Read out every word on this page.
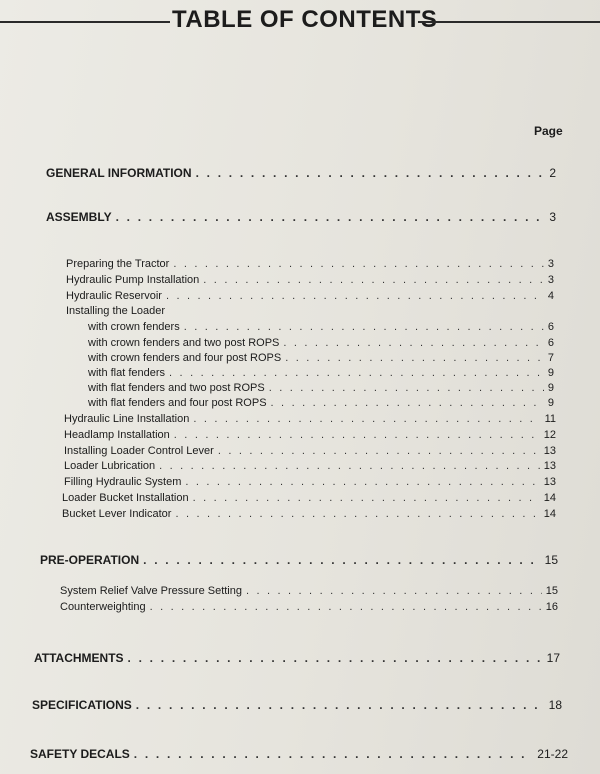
TABLE OF CONTENTS
Page
GENERAL INFORMATION . . .	2
ASSEMBLY . . .	3
Preparing the Tractor . . .	3
Hydraulic Pump Installation . . .	3
Hydraulic Reservoir . . .	4
Installing the Loader
with crown fenders . . .	6
with crown fenders and two post ROPS . . .	6
with crown fenders and four post ROPS . . .	7
with flat fenders . . .	9
with flat fenders and two post ROPS . . .	9
with flat fenders and four post ROPS . . .	9
Hydraulic Line Installation . . .	11
Headlamp Installation . . .	12
Installing Loader Control Lever . . .	13
Loader Lubrication . . .	13
Filling Hydraulic System . . .	13
Loader Bucket Installation . . .	14
Bucket Lever Indicator . . .	14
PRE-OPERATION . . .	15
System Relief Valve Pressure Setting . . .	15
Counterweighting . . .	16
ATTACHMENTS . . .	17
SPECIFICATIONS . . .	18
SAFETY DECALS . . .	21-22
